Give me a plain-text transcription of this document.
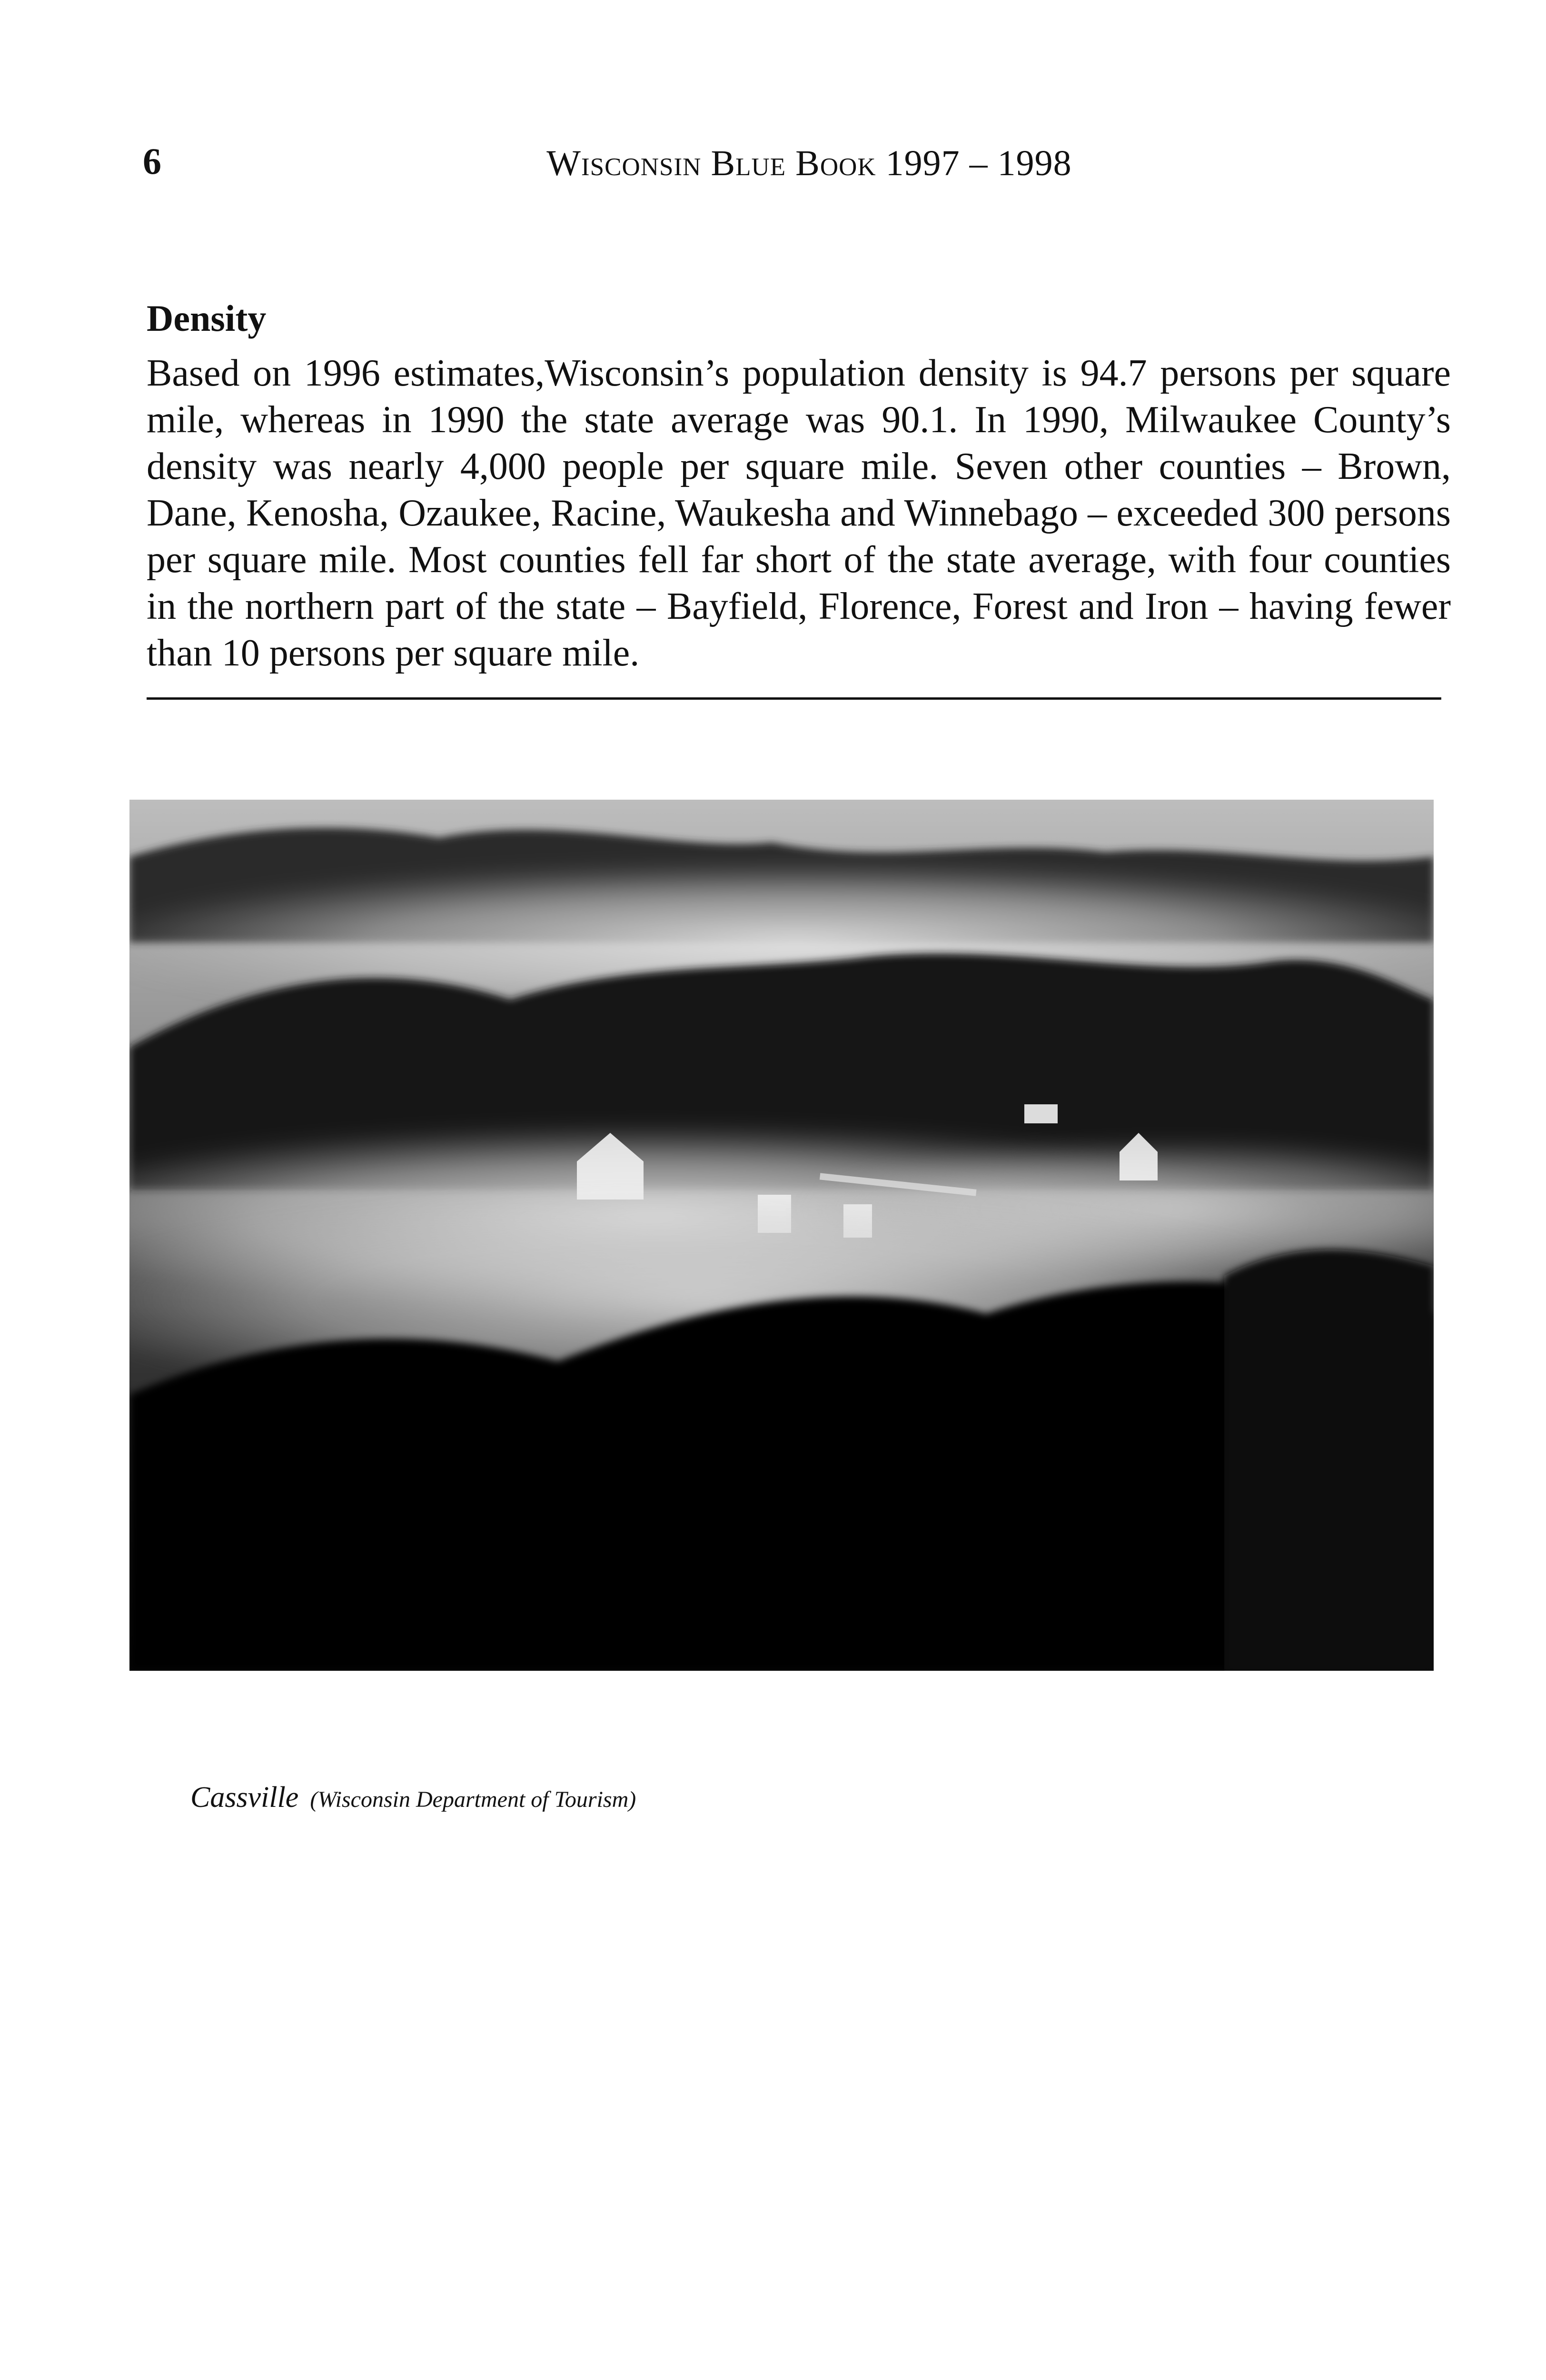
6	Wisconsin Blue Book 1997 – 1998
Density

Based on 1996 estimates,Wisconsin’s population density is 94.7 persons per square mile, whereas in 1990 the state average was 90.1. In 1990, Milwaukee County’s density was nearly 4,000 people per square mile. Seven other counties – Brown, Dane, Kenosha, Ozaukee, Racine, Waukesha and Winnebago – exceeded 300 persons per square mile. Most counties fell far short of the state average, with four counties in the northern part of the state – Bayfield, Florence, Forest and Iron – having fewer than 10 persons per square mile.

Cassville (Wisconsin Department of Tourism)
